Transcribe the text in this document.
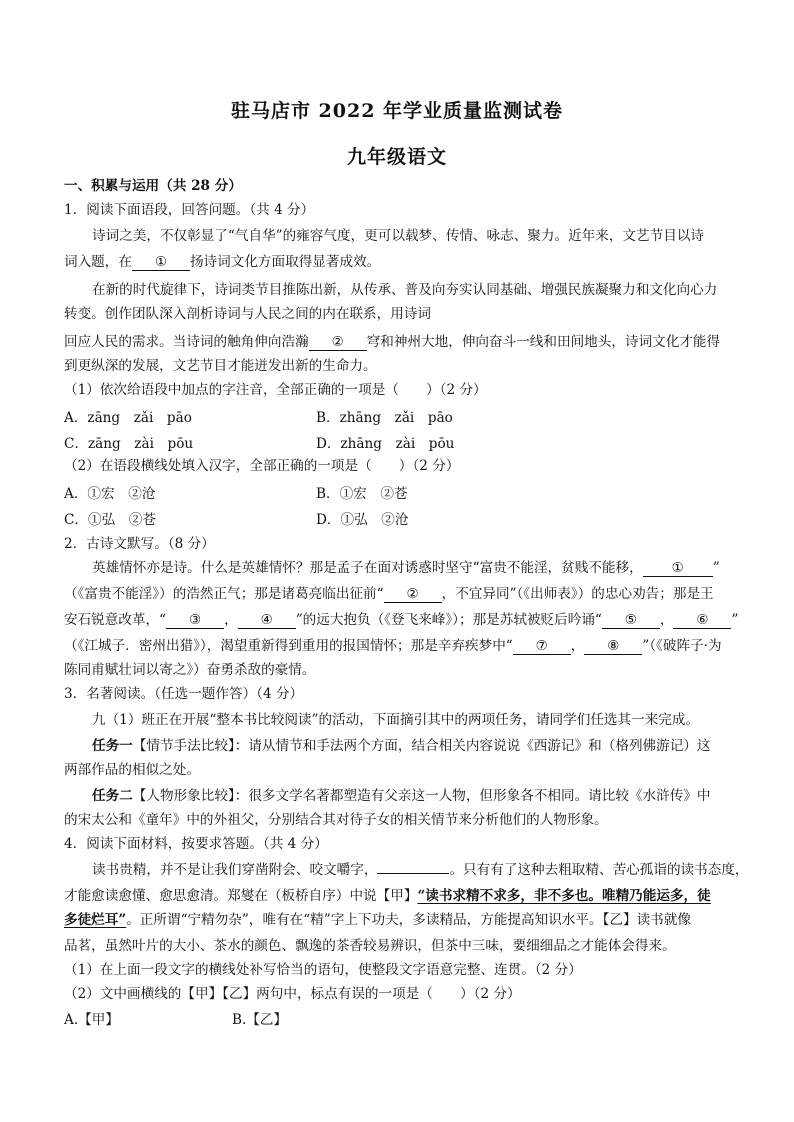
驻马店市 2022 年学业质量监测试卷
九年级语文
一、积累与运用（共 28 分）
1．阅读下面语段，回答问题。（共 4 分）
诗词之美，不仅彰显了“气自华”的雍容气度，更可以载梦、传情、咏志、聚力。近年来，文艺节目以诗
词入题，在 ① 扬诗词文化方面取得显著成效。
在新的时代旋律下，诗词类节目推陈出新，从传承、普及向夯实认同基础、增强民族凝聚力和文化向心力
转变。创作团队深入剖析诗词与人民之间的内在联系，用诗词
回应人民的需求。当诗词的触角伸向浩瀚 ② 穹和神州大地，伸向奋斗一线和田间地头，诗词文化才能得
到更纵深的发展，文艺节目才能迸发出新的生命力。
（1）依次给语段中加点的字注音，全部正确的一项是（　　）（2 分）
A．zāng　zǎi　pāo	B．zhāng　zǎi　pāo
C．zāng　zài　pōu	D．zhāng　zài　pōu
（2）在语段横线处填入汉字，全部正确的一项是（　　）（2 分）
A．①宏　②沧	B．①宏　②苍
C．①弘　②苍	D．①弘　②沧
2．古诗文默写。（8 分）
英雄情怀亦是诗。什么是英雄情怀？那是孟子在面对诱惑时坚守“富贵不能淫，贫贱不能移， ① ”
（《富贵不能淫》）的浩然正气；那是诸葛亮临出征前“ ② ，不宜异同”（《出师表》）的忠心劝告；那是王
安石锐意改革，“ ③ ， ④ ”的远大抱负（《登飞来峰》）；那是苏轼被贬后吟诵“ ⑤ ， ⑥ ”
（《江城子．密州出猎》），渴望重新得到重用的报国情怀；那是辛弃疾梦中“ ⑦ ， ⑧ ”（《破阵子·为
陈同甫赋壮词以寄之》）奋勇杀敌的豪情。
3．名著阅读。（任选一题作答）（4 分）
九（1）班正在开展“整本书比较阅读”的活动，下面摘引其中的两项任务，请同学们任选其一来完成。
任务一【情节手法比较】：请从情节和手法两个方面，结合相关内容说说《西游记》和（格列佛游记）这
两部作品的相似之处。
任务二【人物形象比较】：很多文学名著都塑造有父亲这一人物，但形象各不相同。请比较《水浒传》中
的宋太公和《童年》中的外祖父，分别结合其对待子女的相关情节来分析他们的人物形象。
4．阅读下面材料，按要求答题。（共 4 分）
读书贵精，并不是让我们穿凿附会、咬文嚼字，	。只有有了这种去粗取精、苦心孤诣的读书态度，
才能愈读愈懂、愈思愈清。郑燮在（板桥自序）中说【甲】“读书求精不求多，非不多也。唯精乃能运多，徒
多徒烂耳”。正所谓“宁精勿杂”，唯有在“精”字上下功夫，多读精品，方能提高知识水平。【乙】读书就像
品茗，虽然叶片的大小、茶水的颜色、飘逸的茶香较易辨识，但茶中三味，要细细品之才能体会得来。
（1）在上面一段文字的横线处补写恰当的语句，使整段文字语意完整、连贯。（2 分）
（2）文中画横线的【甲】【乙】两句中，标点有误的一项是（　　）（2 分）
A.【甲】	B.【乙】
